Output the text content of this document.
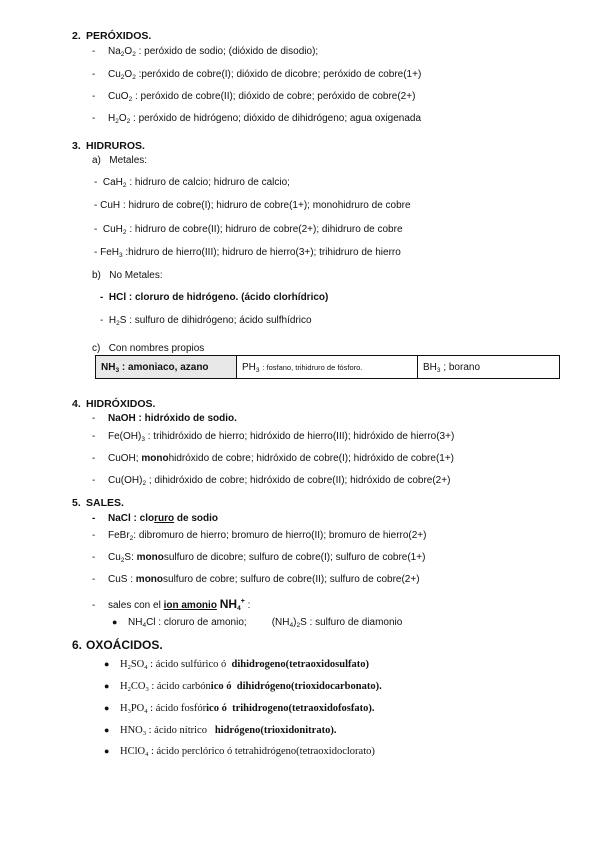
2. PERÓXIDOS.
- $Na_2O_2$ : peróxido de sodio; (dióxido de disodio);
- $Cu_2O_2$ :peróxido de cobre(I); dióxido de dicobre; peróxido de cobre(1+)
- CuO$_2$ : peróxido de cobre(II); dióxido de cobre; peróxido de cobre(2+)
- $H_2O_2$ : peróxido de hidrógeno; dióxido de dihidrógeno; agua oxigenada
3. HIDRUROS.
a) Metales:
-  CaH$_2$ : hidruro de calcio; hidruro de calcio;
- CuH : hidruro de cobre(I); hidruro de cobre(1+); monohidruro de cobre
-  CuH$_2$ : hidruro de cobre(II); hidruro de cobre(2+); dihidruro de cobre
- FeH$_3$ :hidruro de hierro(III); hidruro de hierro(3+); trihidruro de hierro
b) No Metales:
-  HCl : cloruro de hidrógeno. (ácido clorhídrico)
-  $H_2S$ : sulfuro de dihidrógeno; ácido sulfhídrico
c) Con nombres propios
$NH_3$ : amoniaco, azano	$PH_3$ : fosfano, trihidruro de fósforo.	$BH_3$ ; borano
4. HIDRÓXIDOS.
- NaOH : hidróxido de sodio.
- $Fe(OH)_3$ : trihidróxido de hierro; hidróxido de hierro(III); hidróxido de hierro(3+)
- CuOH; monohidróxido de cobre; hidróxido de cobre(I); hidróxido de cobre(1+)
- $Cu(OH)_2$ ; dihidróxido de cobre; hidróxido de cobre(II); hidróxido de cobre(2+)
5. SALES.
- NaCl : cloruro de sodio
- FeBr$_2$: dibromuro de hierro; bromuro de hierro(II); bromuro de hierro(2+)
- $Cu_2S$: monosulfuro de dicobre; sulfuro de cobre(I); sulfuro de cobre(1+)
- CuS : monosulfuro de cobre; sulfuro de cobre(II); sulfuro de cobre(2+)
- sales con el ion amonio $NH_4^+$ :
● $NH_4Cl$ : cloruro de amonio;         $(NH_4)_2S$ : sulfuro de diamonio
6. OXOÁCIDOS.
● $H_2SO_4$ : ácido sulfúrico ó dihidrogeno(tetraoxidosulfato)
● $H_2CO_3$ : ácido carbónico ó dihidrógeno(trioxidocarbonato).
● $H_3PO_4$ : ácido fosfórico ó trihidrogeno(tetraoxidofosfato).
● $HNO_3$ : ácido nítrico hidrógeno(trioxidonitrato).
● HClO$_4$ : ácido perclórico ó tetrahidrógeno(tetraoxidoclorato)
